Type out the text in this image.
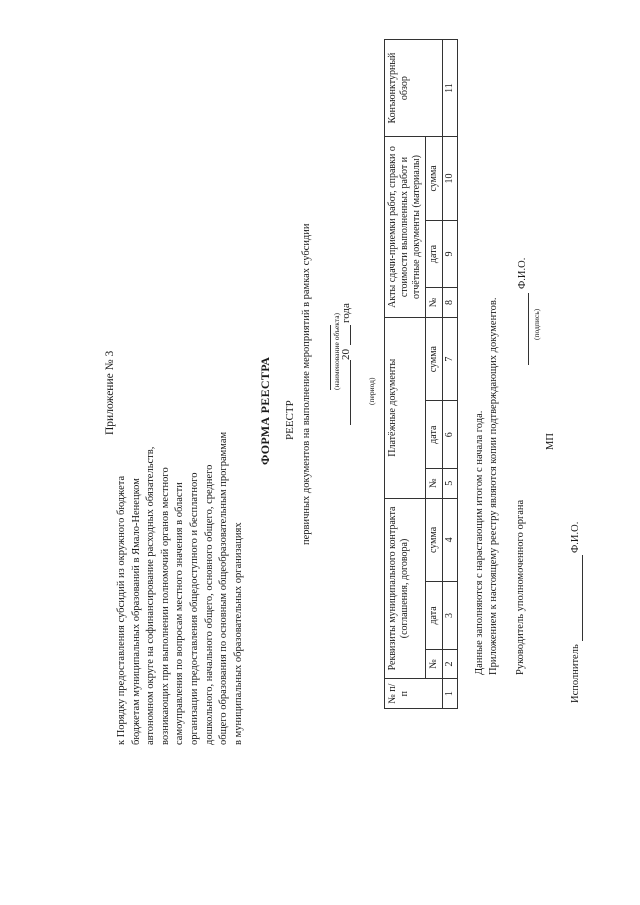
Приложение № 3
к Порядку предоставления субсидий из окружного бюджета бюджетам муниципальных образований в Ямало-Ненецком автономном округе на софинансирование расходных обязательств, возникающих при выполнении полномочий органов местного самоуправления по вопросам местного значения в области организации предоставления общедоступного и бесплатного дошкольного, начального общего, основного общего, среднего общего образования по основным общеобразовательным программам в муниципальных образовательных организациях
ФОРМА РЕЕСТРА РЕЕСТР первичных документов на выполнение мероприятий в рамках субсидии	(наименование объекта) 20
года
(период)
№ п/п	Реквизиты муниципального контракта (соглашения, договора)			Платёжные документы			Акты сдачи-приемки работ, справки о стоимости выполненных работ и отчётные документы (материалы)			Конъюнктурный обзор
	№	дата	сумма	№	дата	сумма	№	дата	сумма	
1	2	3	4	5	6	7	8	9	10	11
Данные заполняются с нарастающим итогом с начала года. Приложением к настоящему реестру являются копии подтверждающих документов. Руководитель уполномоченного органа
Ф.И.О.
(подпись)
МП
Исполнитель
Ф.И.О.
